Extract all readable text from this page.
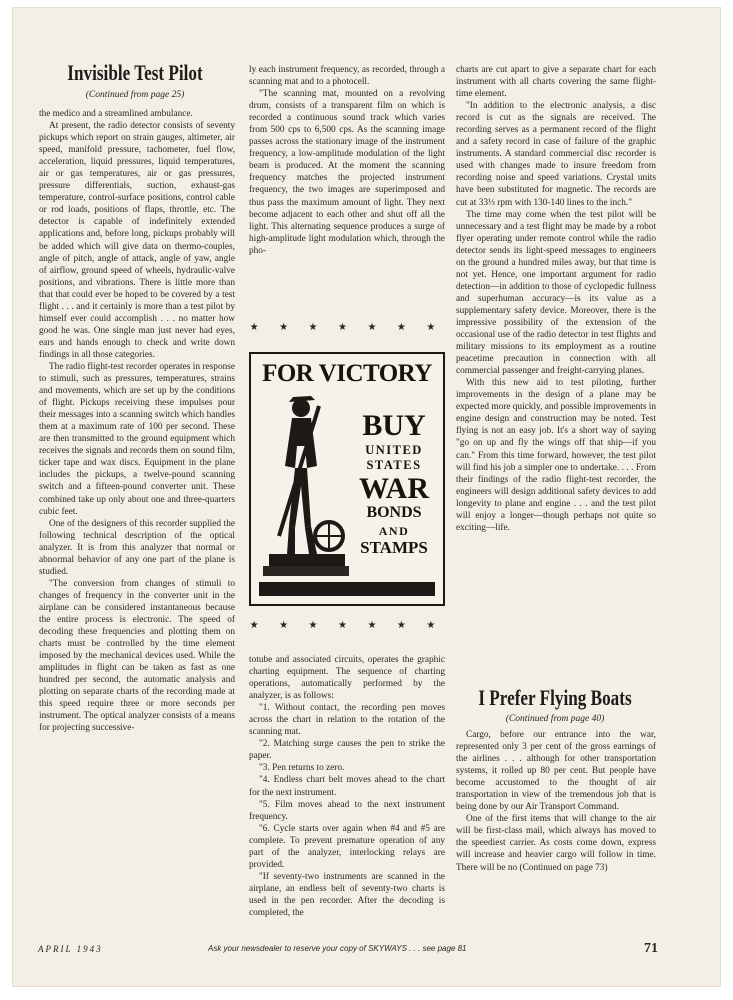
Invisible Test Pilot
(Continued from page 25)

the medico and a streamlined ambulance.

At present, the radio detector consists of seventy pickups which report on strain gauges, altimeter, air speed, manifold pressure, tachometer, fuel flow, acceleration, liquid pressures, liquid temperatures, air or gas temperatures, air or gas pressures, pressure differentials, suction, exhaust-gas temperature, control-surface positions, control cable or rod loads, positions of flaps, throttle, etc. The detector is capable of indefinitely extended applications and, before long, pickups probably will be added which will give data on thermo-couples, angle of pitch, angle of attack, angle of yaw, angle of airflow, ground speed of wheels, hydraulic-valve positions, and vibrations. There is little more than that that could ever be hoped to be covered by a test flight . . . and it certainly is more than a test pilot by himself ever could accomplish . . . no matter how good he was. One single man just never had eyes, ears and hands enough to check and write down findings in all those categories.

The radio flight-test recorder operates in response to stimuli, such as pressures, temperatures, strains and movements, which are set up by the conditions of flight. Pickups receiving these impulses pour their messages into a scanning switch which handles them at a maximum rate of 100 per second. These are then transmitted to the ground equipment which receives the signals and records them on sound film, ticker tape and wax discs. Equipment in the plane includes the pickups, a twelve-pound scanning switch and a fifteen-pound converter unit. These combined take up only about one and three-quarters cubic feet.

One of the designers of this recorder supplied the following technical description of the optical analyzer. It is from this analyzer that normal or abnormal behavior of any one part of the plane is studied.

"The conversion from changes of stimuli to changes of frequency in the converter unit in the airplane can be considered instantaneous because the entire process is electronic. The speed of decoding these frequencies and plotting them on charts must be controlled by the time element imposed by the mechanical devices used. While the amplitudes in flight can be taken as fast as one hundred per second, the automatic analysis and plotting on separate charts of the recording made at this speed require three or more seconds per instrument. The optical analyzer consists of a means for projecting successive-

ly each instrument frequency, as recorded, through a scanning mat and to a photocell.

"The scanning mat, mounted on a revolving drum, consists of a transparent film on which is recorded a continuous sound track which varies from 500 cps to 6,500 cps. As the scanning image passes across the stationary image of the instrument frequency, a low-amplitude modulation of the light beam is produced. At the moment the scanning frequency matches the projected instrument frequency, the two images are superimposed and thus pass the maximum amount of light. They next become adjacent to each other and shut off all the light. This alternating sequence produces a surge of high-amplitude light modulation which, through the pho-

★ ★ ★ ★ ★ ★ ★
FOR VICTORY
BUY
UNITED
STATES
WAR
BONDS
AND
STAMPS
★ ★ ★ ★ ★ ★ ★

totube and associated circuits, operates the graphic charting equipment. The sequence of charting operations, automatically performed by the analyzer, is as follows:

"1. Without contact, the recording pen moves across the chart in relation to the rotation of the scanning mat.

"2. Matching surge causes the pen to strike the paper.

"3. Pen returns to zero.

"4. Endless chart belt moves ahead to the chart for the next instrument.

"5. Film moves ahead to the next instrument frequency.

"6. Cycle starts over again when #4 and #5 are complete. To prevent premature operation of any part of the analyzer, interlocking relays are provided.

"If seventy-two instruments are scanned in the airplane, an endless belt of seventy-two charts is used in the pen recorder. After the decoding is completed, the

charts are cut apart to give a separate chart for each instrument with all charts covering the same flight-time element.

"In addition to the electronic analysis, a disc record is cut as the signals are received. The recording serves as a permanent record of the flight and a safety record in case of failure of the graphic instruments. A standard commercial disc recorder is used with changes made to insure freedom from recording noise and speed variations. Crystal units have been substituted for magnetic. The records are cut at 33⅓ rpm with 130-140 lines to the inch."

The time may come when the test pilot will be unnecessary and a test flight may be made by a robot flyer operating under remote control while the radio detector sends its light-speed messages to engineers on the ground a hundred miles away, but that time is not yet. Hence, one important argument for radio detection—in addition to those of cyclopedic fullness and superhuman accuracy—is its value as a supplementary safety device. Moreover, there is the impressive possibility of the extension of the occasional use of the radio detector in test flights and military missions to its employment as a routine peacetime precaution in connection with all commercial passenger and freight-carrying planes.

With this new aid to test piloting, further improvements in the design of a plane may be expected more quickly, and possible improvements in engine design and construction may be noted. Test flying is not an easy job. It's a short way of saying "go on up and fly the wings off that ship—if you can." From this time forward, however, the test pilot will find his job a simpler one to undertake. . . . From their findings of the radio flight-test recorder, the engineers will design additional safety devices to add longevity to plane and engine . . . and the test pilot will enjoy a longer—though perhaps not quite so exciting—life.

I Prefer Flying Boats
(Continued from page 40)

Cargo, before our entrance into the war, represented only 3 per cent of the gross earnings of the airlines . . . although for other transportation systems, it rolled up 80 per cent. But people have become accustomed to the thought of air transportation in view of the tremendous job that is being done by our Air Transport Command.

One of the first items that will change to the air will be first-class mail, which always has moved to the speediest carrier. As costs come down, express will increase and heavier cargo will follow in time. There will be no (Continued on page 73)

APRIL 1943	Ask your newsdealer to reserve your copy of SKYWAYS . . . see page 81	71
